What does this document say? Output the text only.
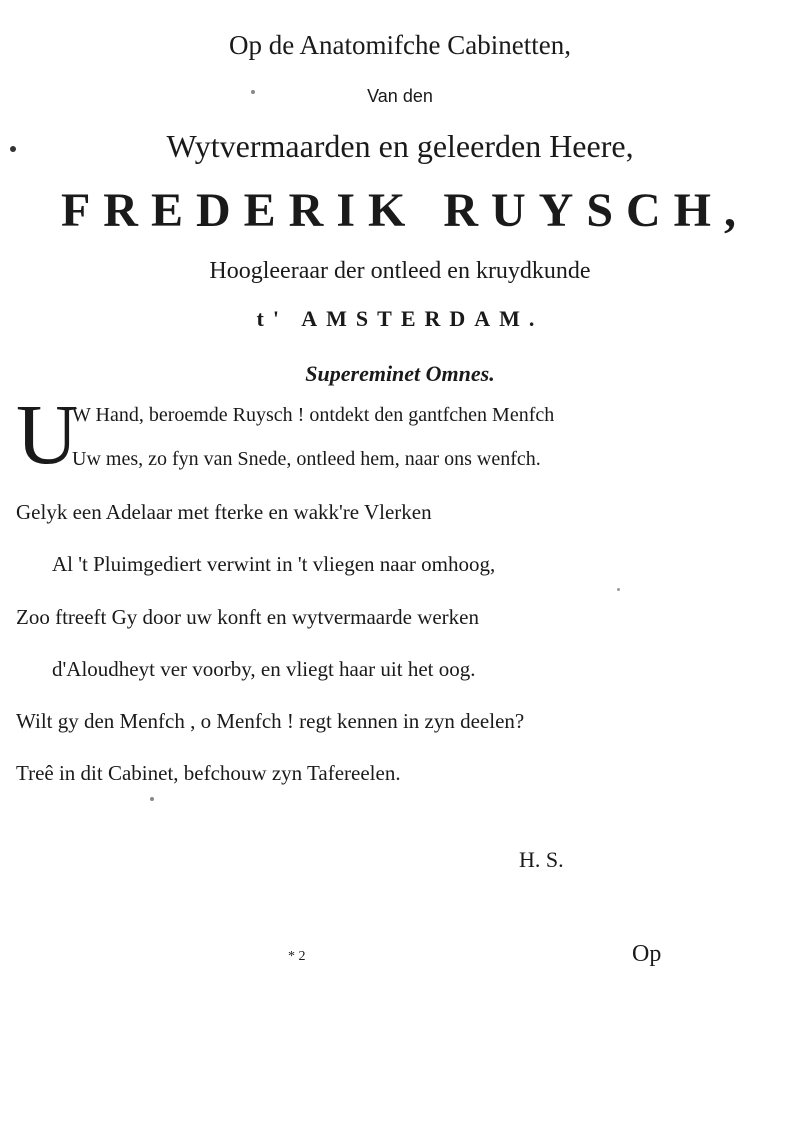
Op de Anatomifche Cabinetten,
Van den
Wytvermaarden en geleerden Heere,
FREDERIK RUYSCH,
Hoogleeraar der ontleed en kruydkunde
t' AMSTERDAM.
Supereminet Omnes.
U
W Hand, beroemde Ruysch ! ontdekt den gantfchen Menfch
Uw mes, zo fyn van Snede, ontleed hem, naar ons wenfch.
Gelyk een Adelaar met fterke en wakk're Vlerken
Al 't Pluimgediert verwint in 't vliegen naar omhoog,
Zoo ftreeft Gy door uw konft en wytvermaarde werken
d'Aloudheyt ver voorby, en vliegt haar uit het oog.
Wilt gy den Menfch , o Menfch ! regt kennen in zyn deelen?
Treê in dit Cabinet, befchouw zyn Tafereelen.
H. S.
* 2	Op
